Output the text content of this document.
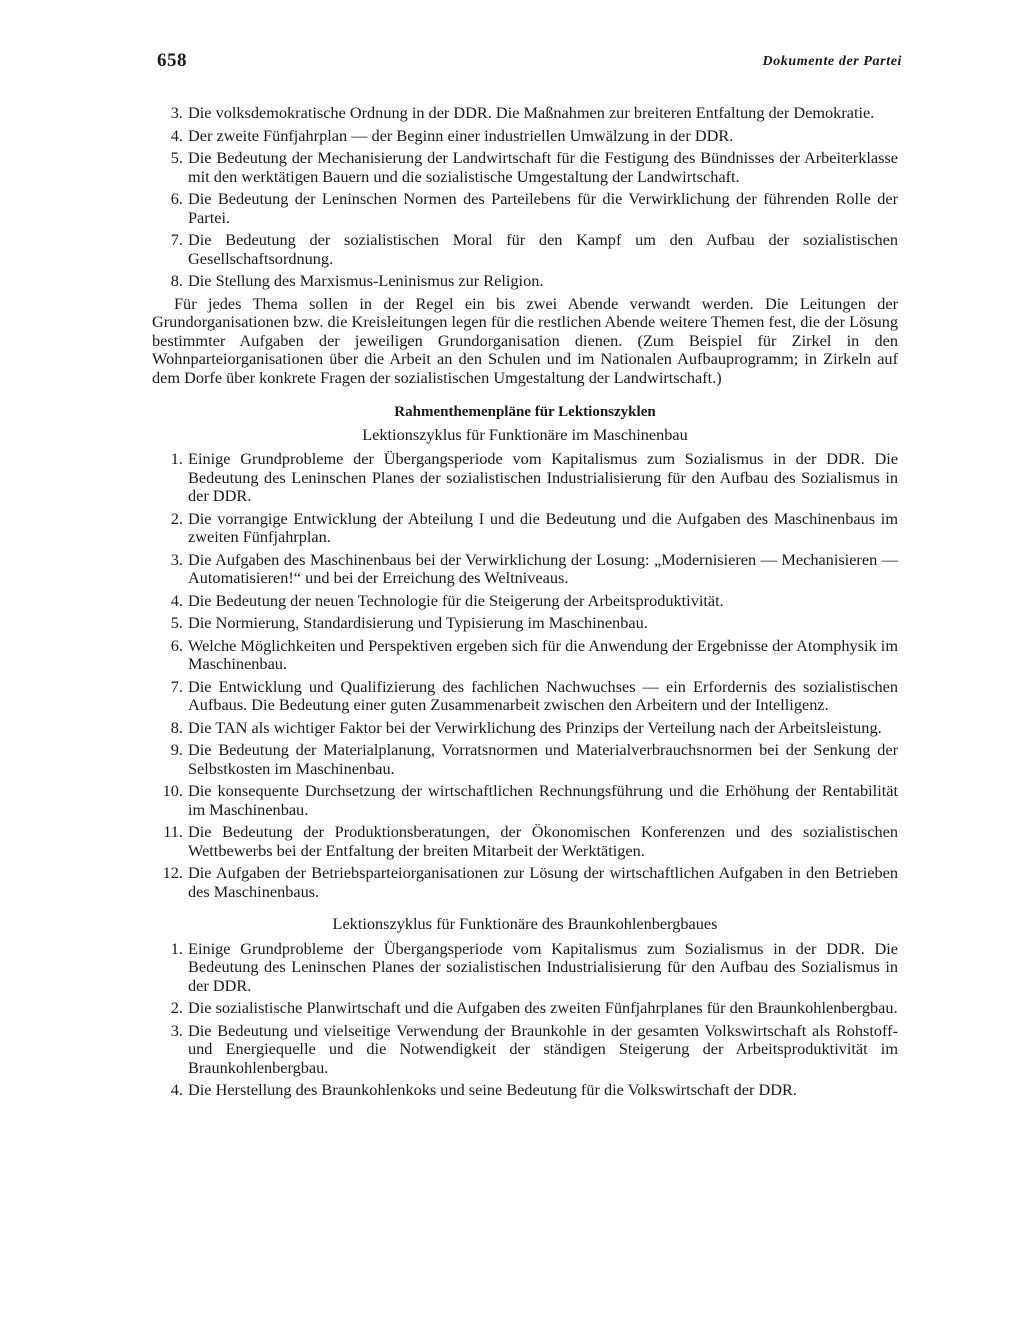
658	Dokumente der Partei
3. Die volksdemokratische Ordnung in der DDR. Die Maßnahmen zur breiteren Entfaltung der Demokratie.
4. Der zweite Fünfjahrplan — der Beginn einer industriellen Umwälzung in der DDR.
5. Die Bedeutung der Mechanisierung der Landwirtschaft für die Festigung des Bündnisses der Arbeiterklasse mit den werktätigen Bauern und die sozialistische Umgestaltung der Landwirtschaft.
6. Die Bedeutung der Leninschen Normen des Parteilebens für die Verwirklichung der führenden Rolle der Partei.
7. Die Bedeutung der sozialistischen Moral für den Kampf um den Aufbau der sozialistischen Gesellschaftsordnung.
8. Die Stellung des Marxismus-Leninismus zur Religion.

Für jedes Thema sollen in der Regel ein bis zwei Abende verwandt werden. Die Leitungen der Grundorganisationen bzw. die Kreisleitungen legen für die restlichen Abende weitere Themen fest, die der Lösung bestimmter Aufgaben der jeweiligen Grundorganisation dienen. (Zum Beispiel für Zirkel in den Wohnparteiorganisationen über die Arbeit an den Schulen und im Nationalen Aufbauprogramm; in Zirkeln auf dem Dorfe über konkrete Fragen der sozialistischen Umgestaltung der Landwirtschaft.)

Rahmenthemenpläne für Lektionszyklen
Lektionszyklus für Funktionäre im Maschinenbau
1. Einige Grundprobleme der Übergangsperiode vom Kapitalismus zum Sozialismus in der DDR. Die Bedeutung des Leninschen Planes der sozialistischen Industrialisierung für den Aufbau des Sozialismus in der DDR.
2. Die vorrangige Entwicklung der Abteilung I und die Bedeutung und die Aufgaben des Maschinenbaus im zweiten Fünfjahrplan.
3. Die Aufgaben des Maschinenbaus bei der Verwirklichung der Losung: „Modernisieren — Mechanisieren — Automatisieren!“ und bei der Erreichung des Weltniveaus.
4. Die Bedeutung der neuen Technologie für die Steigerung der Arbeitsproduktivität.
5. Die Normierung, Standardisierung und Typisierung im Maschinenbau.
6. Welche Möglichkeiten und Perspektiven ergeben sich für die Anwendung der Ergebnisse der Atomphysik im Maschinenbau.
7. Die Entwicklung und Qualifizierung des fachlichen Nachwuchses — ein Erfordernis des sozialistischen Aufbaus. Die Bedeutung einer guten Zusammenarbeit zwischen den Arbeitern und der Intelligenz.
8. Die TAN als wichtiger Faktor bei der Verwirklichung des Prinzips der Verteilung nach der Arbeitsleistung.
9. Die Bedeutung der Materialplanung, Vorratsnormen und Materialverbrauchsnormen bei der Senkung der Selbstkosten im Maschinenbau.
10. Die konsequente Durchsetzung der wirtschaftlichen Rechnungsführung und die Erhöhung der Rentabilität im Maschinenbau.
11. Die Bedeutung der Produktionsberatungen, der Ökonomischen Konferenzen und des sozialistischen Wettbewerbs bei der Entfaltung der breiten Mitarbeit der Werktätigen.
12. Die Aufgaben der Betriebsparteiorganisationen zur Lösung der wirtschaftlichen Aufgaben in den Betrieben des Maschinenbaus.
Lektionszyklus für Funktionäre des Braunkohlenbergbaues
1. Einige Grundprobleme der Übergangsperiode vom Kapitalismus zum Sozialismus in der DDR. Die Bedeutung des Leninschen Planes der sozialistischen Industrialisierung für den Aufbau des Sozialismus in der DDR.
2. Die sozialistische Planwirtschaft und die Aufgaben des zweiten Fünfjahrplanes für den Braunkohlenbergbau.
3. Die Bedeutung und vielseitige Verwendung der Braunkohle in der gesamten Volkswirtschaft als Rohstoff- und Energiequelle und die Notwendigkeit der ständigen Steigerung der Arbeitsproduktivität im Braunkohlenbergbau.
4. Die Herstellung des Braunkohlenkoks und seine Bedeutung für die Volkswirtschaft der DDR.
